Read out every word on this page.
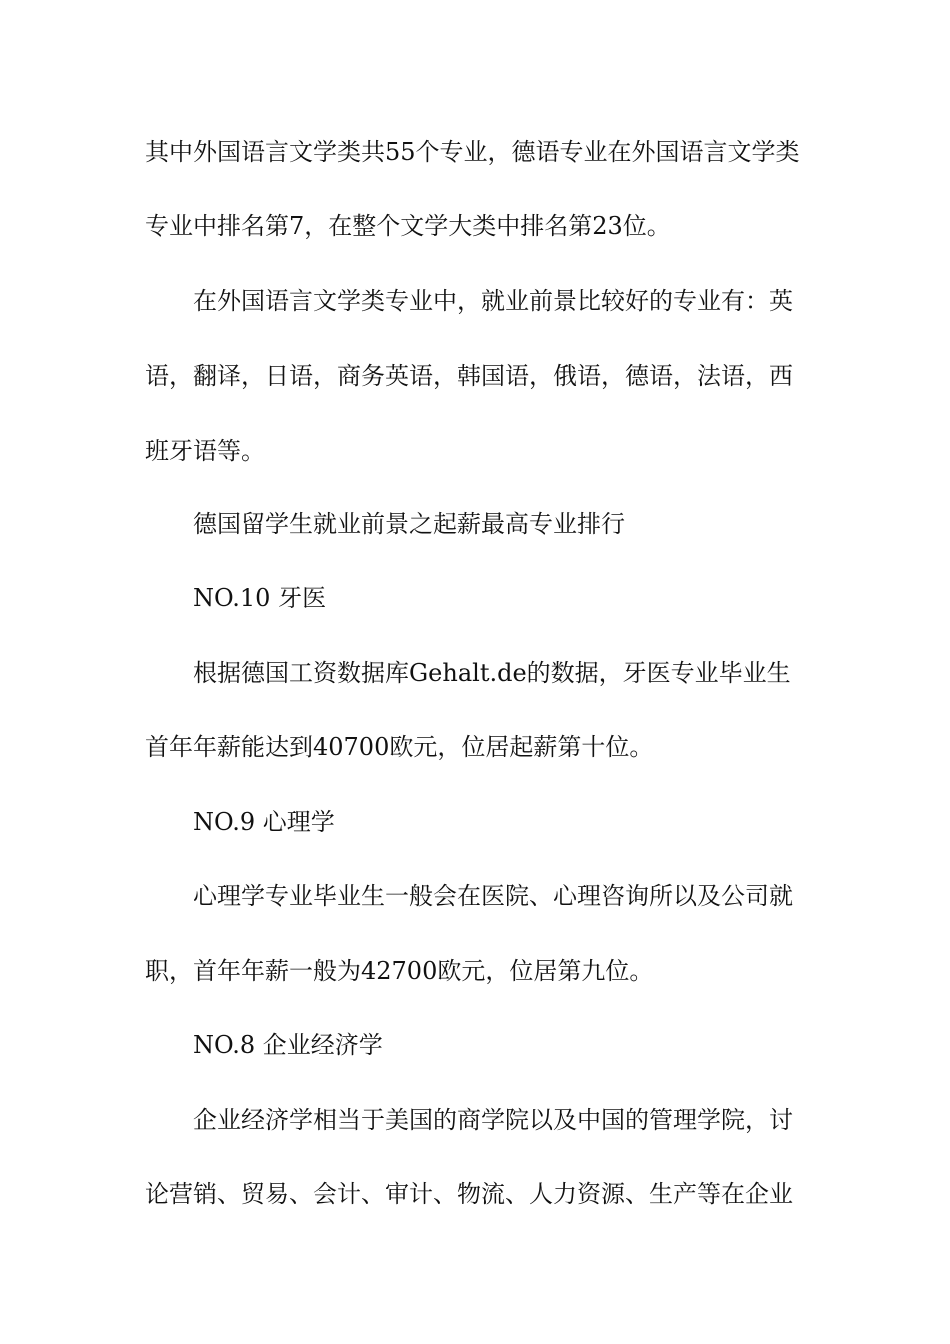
其中外国语言文学类共55个专业，德语专业在外国语言文学类
专业中排名第7，在整个文学大类中排名第23位。
在外国语言文学类专业中，就业前景比较好的专业有：英
语，翻译，日语，商务英语，韩国语，俄语，德语，法语，西
班牙语等。
德国留学生就业前景之起薪最高专业排行
NO.10 牙医
根据德国工资数据库Gehalt.de的数据，牙医专业毕业生
首年年薪能达到40700欧元，位居起薪第十位。
NO.9 心理学
心理学专业毕业生一般会在医院、心理咨询所以及公司就
职，首年年薪一般为42700欧元，位居第九位。
NO.8 企业经济学
企业经济学相当于美国的商学院以及中国的管理学院，讨
论营销、贸易、会计、审计、物流、人力资源、生产等在企业
